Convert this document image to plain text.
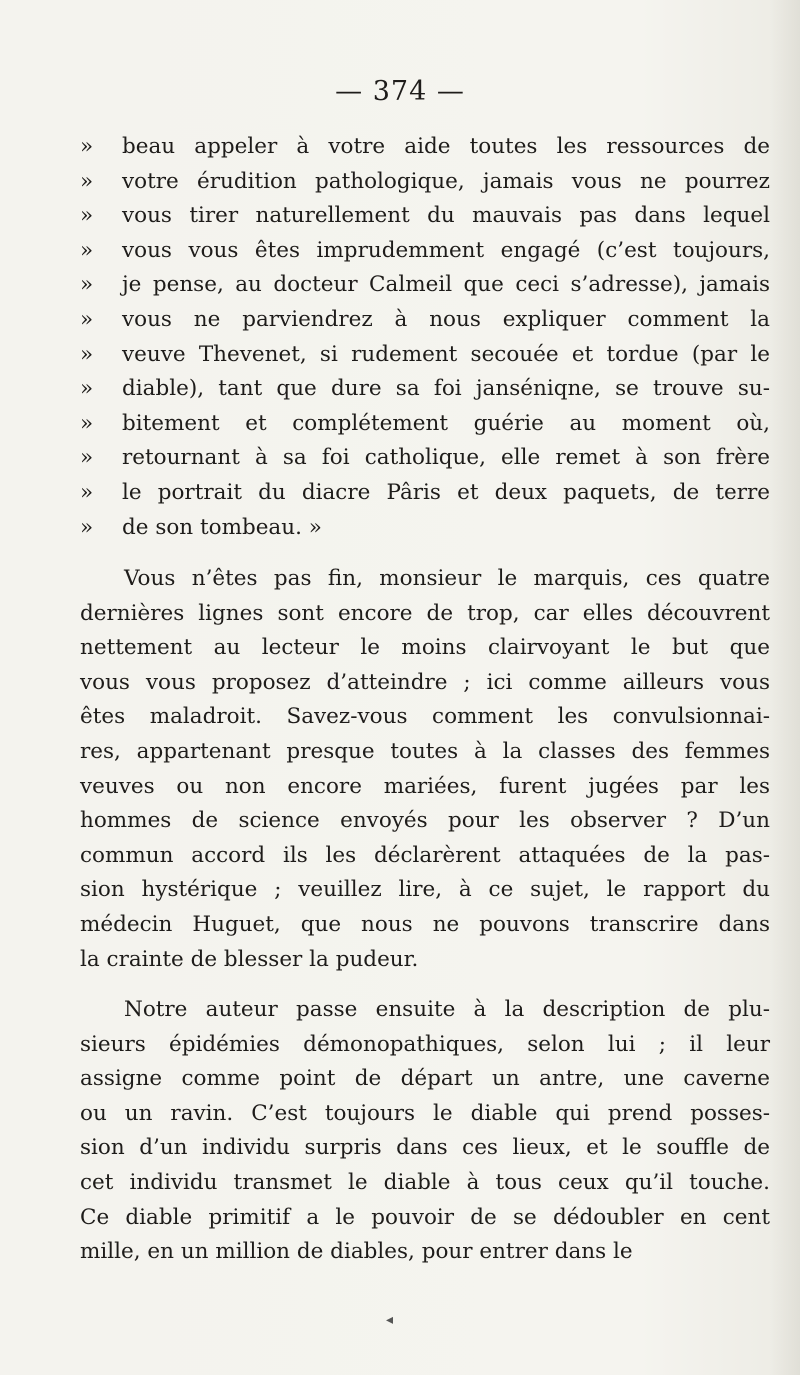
— 374 —
»	beau appeler à votre aide toutes les ressources de
»	votre érudition pathologique, jamais vous ne pourrez
»	vous tirer naturellement du mauvais pas dans lequel
»	vous vous êtes imprudemment engagé (c’est toujours,
»	je pense, au docteur Calmeil que ceci s’adresse), jamais
»	vous ne parviendrez à nous expliquer comment la
»	veuve Thevenet, si rudement secouée et tordue (par le
»	diable), tant que dure sa foi janséniqne, se trouve su-
»	bitement et complétement guérie au moment où,
»	retournant à sa foi catholique, elle remet à son frère
»	le portrait du diacre Pâris et deux paquets, de terre
»	de son tombeau. »
Vous n’êtes pas fin, monsieur le marquis, ces quatre
dernières lignes sont encore de trop, car elles découvrent
nettement au lecteur le moins clairvoyant le but que
vous vous proposez d’atteindre ; ici comme ailleurs vous
êtes maladroit. Savez-vous comment les convulsionnai-
res, appartenant presque toutes à la classes des femmes
veuves ou non encore mariées, furent jugées par les
hommes de science envoyés pour les observer ? D’un
commun accord ils les déclarèrent attaquées de la pas-
sion hystérique ; veuillez lire, à ce sujet, le rapport du
médecin Huguet, que nous ne pouvons transcrire dans
la crainte de blesser la pudeur.
Notre auteur passe ensuite à la description de plu-
sieurs épidémies démonopathiques, selon lui ; il leur
assigne comme point de départ un antre, une caverne
ou un ravin. C’est toujours le diable qui prend posses-
sion d’un individu surpris dans ces lieux, et le souffle de
cet individu transmet le diable à tous ceux qu’il touche.
Ce diable primitif a le pouvoir de se dédoubler en cent
mille, en un million de diables, pour entrer dans le
◂
